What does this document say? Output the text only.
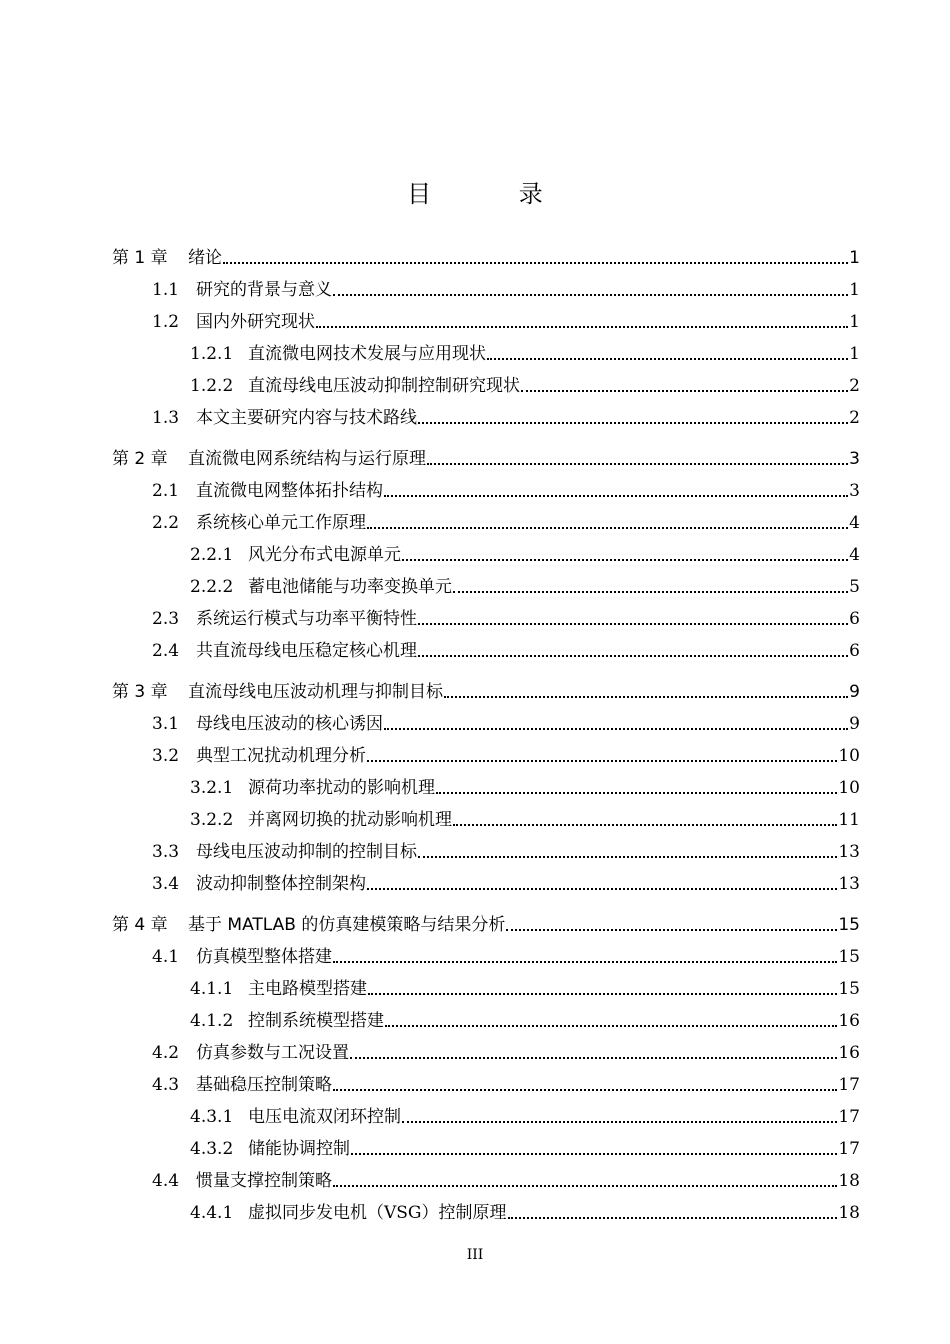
目 录
第 1 章	绪论	1
1.1 研究的背景与意义	1
1.2 国内外研究现状	1
1.2.1 直流微电网技术发展与应用现状	1
1.2.2 直流母线电压波动抑制控制研究现状	2
1.3 本文主要研究内容与技术路线	2
第 2 章	直流微电网系统结构与运行原理	3
2.1 直流微电网整体拓扑结构	3
2.2 系统核心单元工作原理	4
2.2.1 风光分布式电源单元	4
2.2.2 蓄电池储能与功率变换单元	5
2.3 系统运行模式与功率平衡特性	6
2.4 共直流母线电压稳定核心机理	6
第 3 章	直流母线电压波动机理与抑制目标	9
3.1 母线电压波动的核心诱因	9
3.2 典型工况扰动机理分析	10
3.2.1 源荷功率扰动的影响机理	10
3.2.2 并离网切换的扰动影响机理	11
3.3 母线电压波动抑制的控制目标	13
3.4 波动抑制整体控制架构	13
第 4 章	基于 MATLAB 的仿真建模策略与结果分析	15
4.1 仿真模型整体搭建	15
4.1.1 主电路模型搭建	15
4.1.2 控制系统模型搭建	16
4.2 仿真参数与工况设置	16
4.3 基础稳压控制策略	17
4.3.1 电压电流双闭环控制	17
4.3.2 储能协调控制	17
4.4 惯量支撑控制策略	18
4.4.1 虚拟同步发电机（VSG）控制原理	18
III
